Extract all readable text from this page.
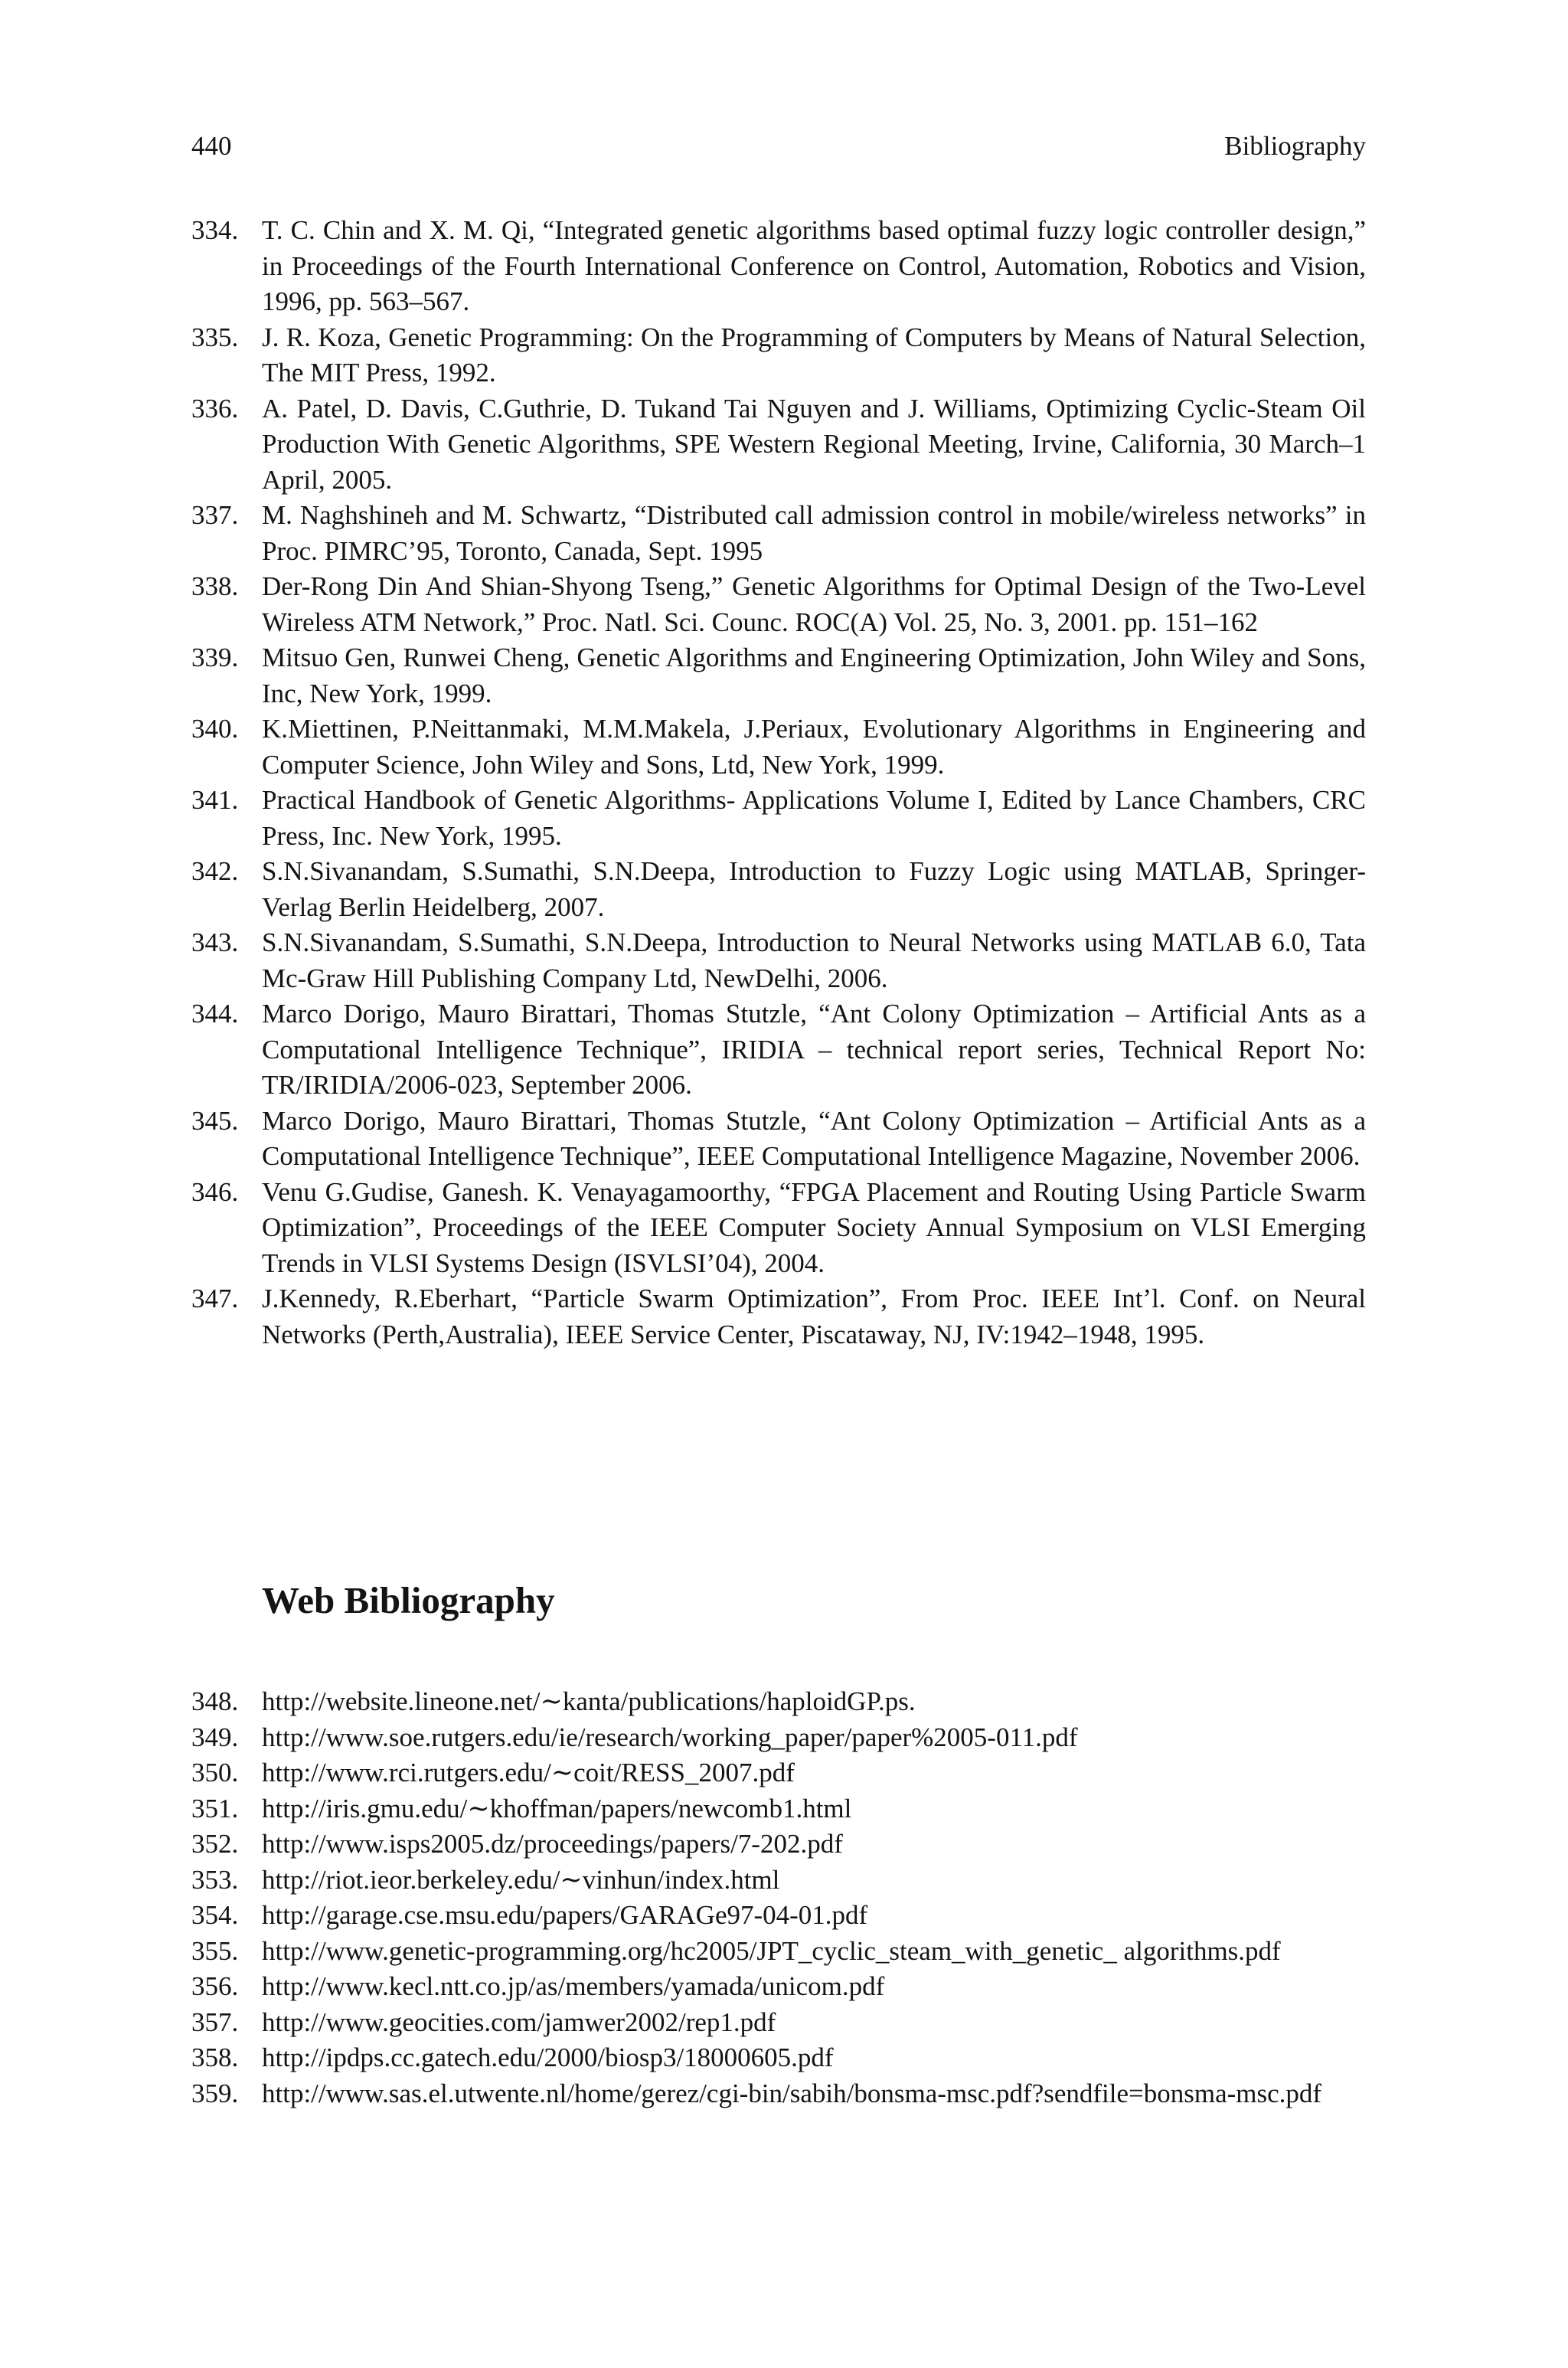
440	Bibliography
334. T. C. Chin and X. M. Qi, “Integrated genetic algorithms based optimal fuzzy logic controller design,” in Proceedings of the Fourth International Conference on Control, Automation, Robotics and Vision, 1996, pp. 563–567.
335. J. R. Koza, Genetic Programming: On the Programming of Computers by Means of Natural Selection, The MIT Press, 1992.
336. A. Patel, D. Davis, C.Guthrie, D. Tukand Tai Nguyen and J. Williams, Optimizing Cyclic-Steam Oil Production With Genetic Algorithms, SPE Western Regional Meeting, Irvine, California, 30 March–1 April, 2005.
337. M. Naghshineh and M. Schwartz, “Distributed call admission control in mobile/wireless networks” in Proc. PIMRC’95, Toronto, Canada, Sept. 1995
338. Der-Rong Din And Shian-Shyong Tseng,” Genetic Algorithms for Optimal Design of the Two-Level Wireless ATM Network,” Proc. Natl. Sci. Counc. ROC(A) Vol. 25, No. 3, 2001. pp. 151–162
339. Mitsuo Gen, Runwei Cheng, Genetic Algorithms and Engineering Optimization, John Wiley and Sons, Inc, New York, 1999.
340. K.Miettinen, P.Neittanmaki, M.M.Makela, J.Periaux, Evolutionary Algorithms in Engineering and Computer Science, John Wiley and Sons, Ltd, New York, 1999.
341. Practical Handbook of Genetic Algorithms- Applications Volume I, Edited by Lance Chambers, CRC Press, Inc. New York, 1995.
342. S.N.Sivanandam, S.Sumathi, S.N.Deepa, Introduction to Fuzzy Logic using MATLAB, Springer-Verlag Berlin Heidelberg, 2007.
343. S.N.Sivanandam, S.Sumathi, S.N.Deepa, Introduction to Neural Networks using MATLAB 6.0, Tata Mc-Graw Hill Publishing Company Ltd, NewDelhi, 2006.
344. Marco Dorigo, Mauro Birattari, Thomas Stutzle, “Ant Colony Optimization – Artificial Ants as a Computational Intelligence Technique”, IRIDIA – technical report series, Technical Report No: TR/IRIDIA/2006-023, September 2006.
345. Marco Dorigo, Mauro Birattari, Thomas Stutzle, “Ant Colony Optimization – Artificial Ants as a Computational Intelligence Technique”, IEEE Computational Intelligence Magazine, November 2006.
346. Venu G.Gudise, Ganesh. K. Venayagamoorthy, “FPGA Placement and Routing Using Particle Swarm Optimization”, Proceedings of the IEEE Computer Society Annual Symposium on VLSI Emerging Trends in VLSI Systems Design (ISVLSI’04), 2004.
347. J.Kennedy, R.Eberhart, “Particle Swarm Optimization”, From Proc. IEEE Int’l. Conf. on Neural Networks (Perth,Australia), IEEE Service Center, Piscataway, NJ, IV:1942–1948, 1995.
Web Bibliography
348. http://website.lineone.net/∼kanta/publications/haploidGP.ps.
349. http://www.soe.rutgers.edu/ie/research/working_paper/paper%2005-011.pdf
350. http://www.rci.rutgers.edu/∼coit/RESS_2007.pdf
351. http://iris.gmu.edu/∼khoffman/papers/newcomb1.html
352. http://www.isps2005.dz/proceedings/papers/7-202.pdf
353. http://riot.ieor.berkeley.edu/∼vinhun/index.html
354. http://garage.cse.msu.edu/papers/GARAGe97-04-01.pdf
355. http://www.genetic-programming.org/hc2005/JPT_cyclic_steam_with_genetic_ algorithms.pdf
356. http://www.kecl.ntt.co.jp/as/members/yamada/unicom.pdf
357. http://www.geocities.com/jamwer2002/rep1.pdf
358. http://ipdps.cc.gatech.edu/2000/biosp3/18000605.pdf
359. http://www.sas.el.utwente.nl/home/gerez/cgi-bin/sabih/bonsma-msc.pdf?sendfile=bonsma-msc.pdf
